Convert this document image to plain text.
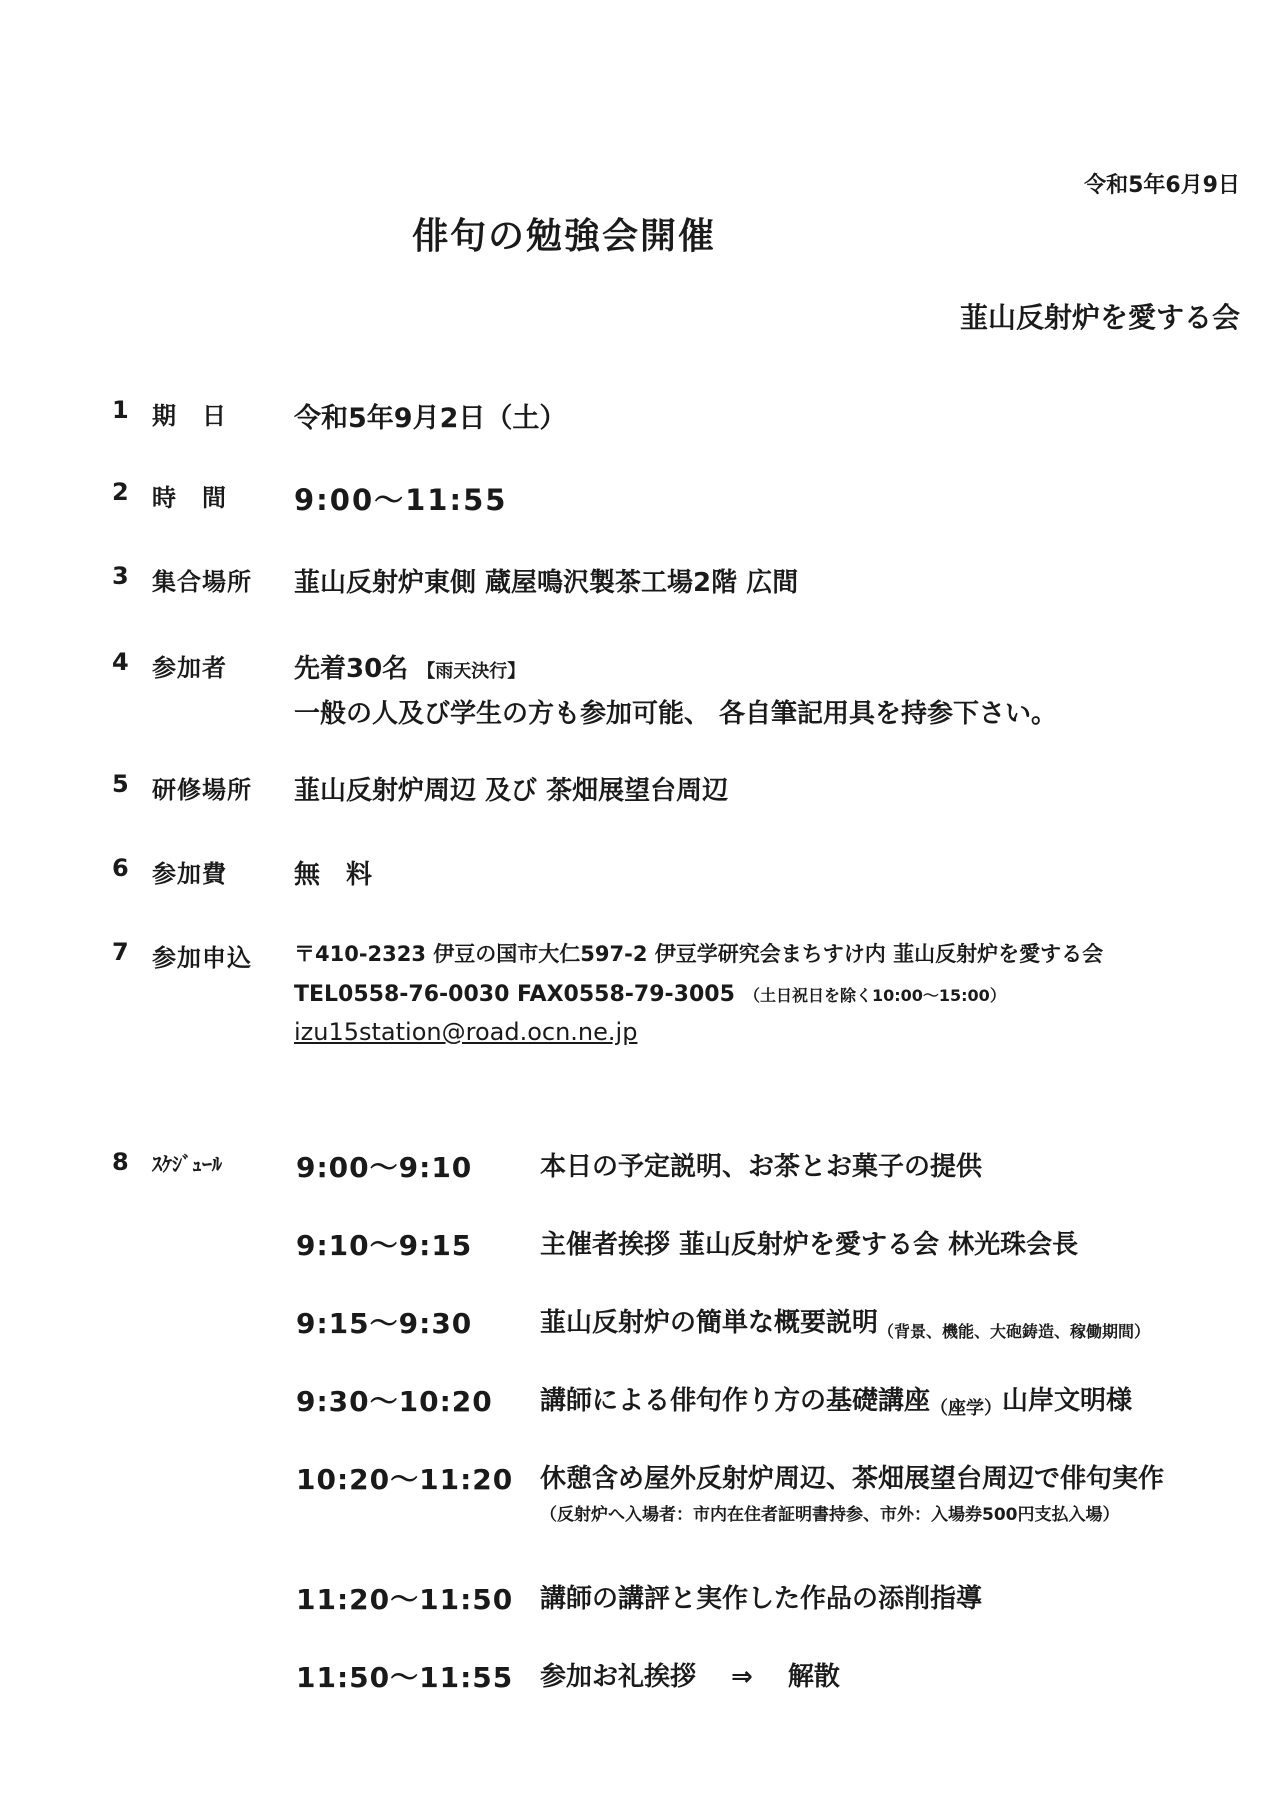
令和5年6月9日
俳句の勉強会開催
韮山反射炉を愛する会
1 期　日	令和5年9月2日（土）
2 時　間	9:00〜11:55
3 集合場所	韮山反射炉東側 蔵屋鳴沢製茶工場2階 広間
4 参加者	先着30名 【雨天決行】
一般の人及び学生の方も参加可能、 各自筆記用具を持参下さい。
5 研修場所	韮山反射炉周辺 及び 茶畑展望台周辺
6 参加費	無　料
7 参加申込	〒410-2323 伊豆の国市大仁597-2 伊豆学研究会まちすけ内 韮山反射炉を愛する会
TEL0558-76-0030 FAX0558-79-3005 （土日祝日を除く10:00〜15:00）
izu15station@road.ocn.ne.jp
8	ｽｹｼﾞｭｰﾙ	9:00〜9:10	本日の予定説明、お茶とお菓子の提供
9:10〜9:15	主催者挨拶 韮山反射炉を愛する会 林光珠会長
9:15〜9:30	韮山反射炉の簡単な概要説明 （背景、機能、大砲鋳造、稼働期間）
9:30〜10:20	講師による俳句作り方の基礎講座 （座学） 山岸文明様
10:20〜11:20	休憩含め屋外反射炉周辺、茶畑展望台周辺で俳句実作
（反射炉へ入場者：市内在住者証明書持参、市外：入場券500円支払入場）
11:20〜11:50	講師の講評と実作した作品の添削指導
11:50〜11:55	参加お礼挨拶　 ⇒　 解散
